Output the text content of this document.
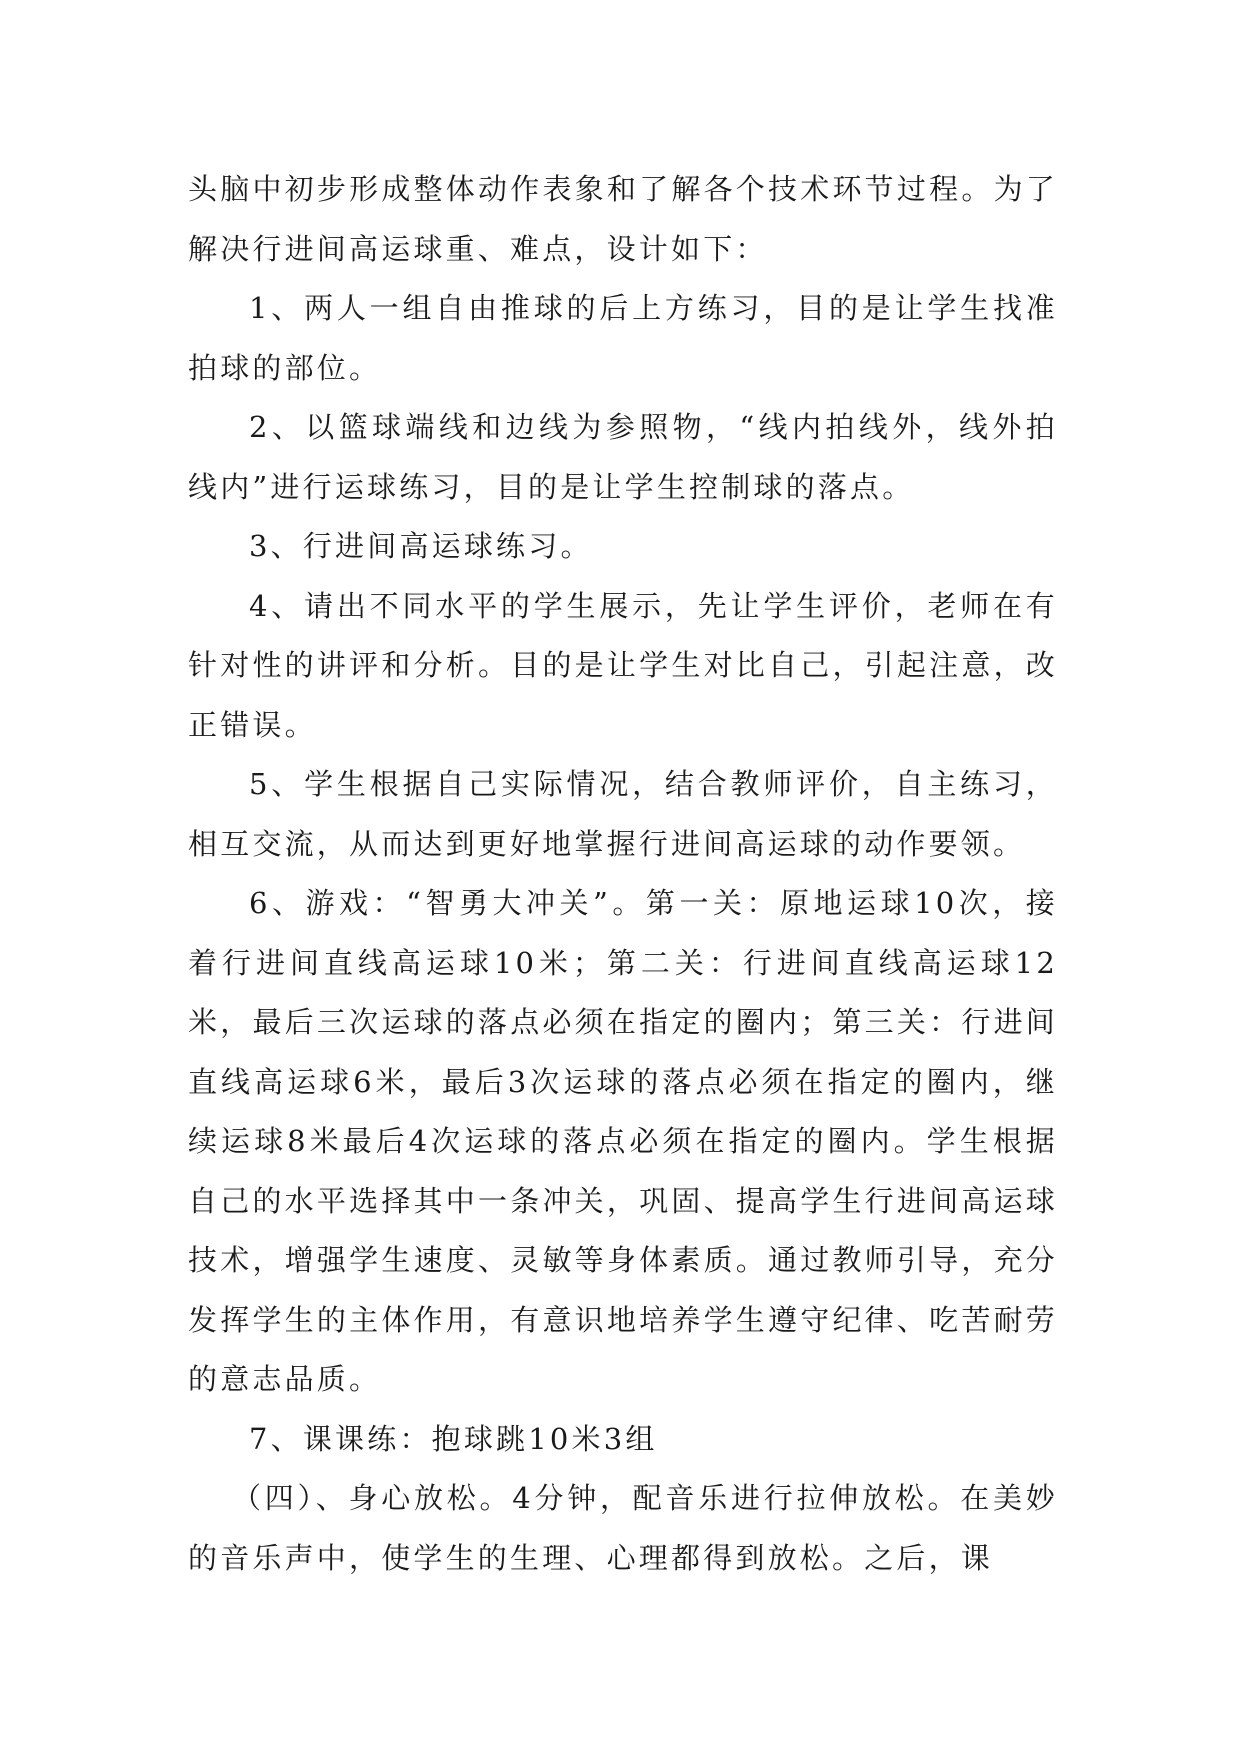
头脑中初步形成整体动作表象和了解各个技术环节过程。为了解决行进间高运球重、难点，设计如下：

1、两人一组自由推球的后上方练习，目的是让学生找准拍球的部位。

2、以篮球端线和边线为参照物，“线内拍线外，线外拍线内”进行运球练习，目的是让学生控制球的落点。

3、行进间高运球练习。

4、请出不同水平的学生展示，先让学生评价，老师在有针对性的讲评和分析。目的是让学生对比自己，引起注意，改正错误。

5、学生根据自己实际情况，结合教师评价，自主练习，相互交流，从而达到更好地掌握行进间高运球的动作要领。

6、游戏：“智勇大冲关”。第一关：原地运球10次，接着行进间直线高运球10米；第二关：行进间直线高运球12米，最后三次运球的落点必须在指定的圈内；第三关：行进间直线高运球6米，最后3次运球的落点必须在指定的圈内，继续运球8米最后4次运球的落点必须在指定的圈内。学生根据自己的水平选择其中一条冲关，巩固、提高学生行进间高运球技术，增强学生速度、灵敏等身体素质。通过教师引导，充分发挥学生的主体作用，有意识地培养学生遵守纪律、吃苦耐劳的意志品质。

7、课课练：抱球跳10米3组

（四）、身心放松。4分钟，配音乐进行拉伸放松。在美妙的音乐声中，使学生的生理、心理都得到放松。之后，课
